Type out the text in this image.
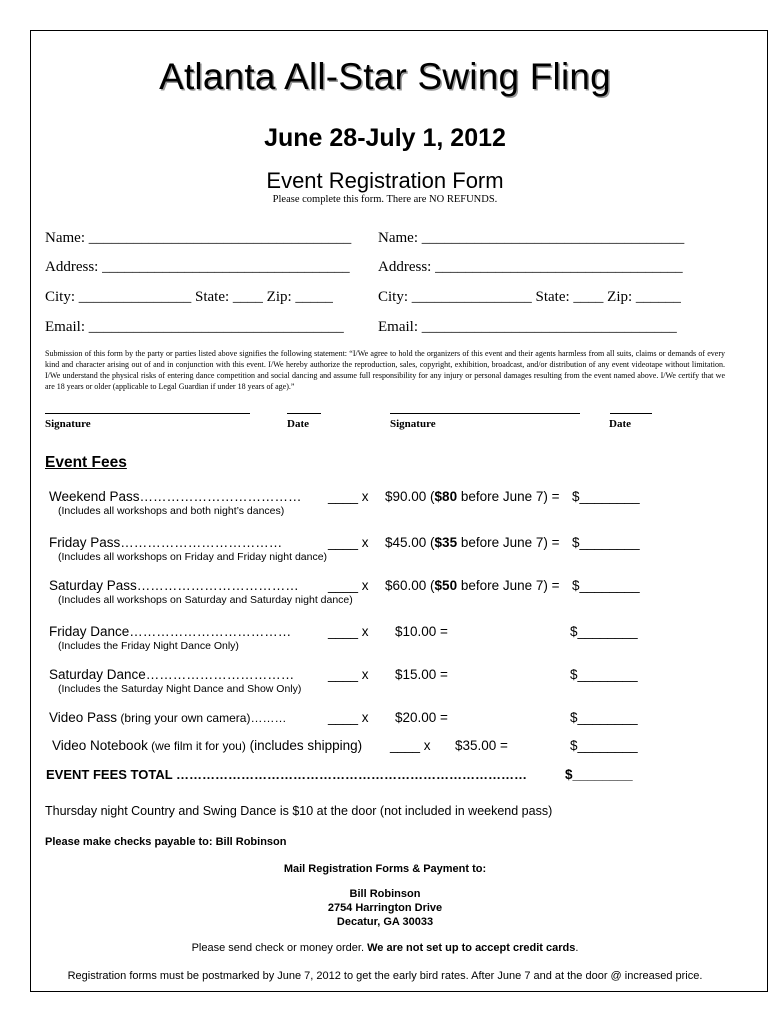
Atlanta All-Star Swing Fling
June 28-July 1, 2012
Event Registration Form
Please complete this form. There are NO REFUNDS.
Name: ___________________________________
Address: _________________________________
City: _______________ State: ____ Zip: _____
Email: __________________________________
Name: ___________________________________
Address: _________________________________
City: ________________ State: ____ Zip: ______
Email: __________________________________
Submission of this form by the party or parties listed above signifies the following statement: “I/We agree to hold the organizers of this event and their agents harmless from all suits, claims or demands of every kind and character arising out of and in conjunction with this event. I/We hereby authorize the reproduction, sales, copyright, exhibition, broadcast, and/or distribution of any event videotape without limitation. I/We understand the physical risks of entering dance competition and social dancing and assume full responsibility for any injury or personal damages resulting from the event named above. I/We certify that we are 18 years or older (applicable to Legal Guardian if under 18 years of age).”
Signature	Date	Signature	Date
Event Fees
Weekend Pass……………………………… ____ x $90.00 ($80 before June 7) = $________
(Includes all workshops and both night’s dances)
Friday Pass………………………………	____ x $45.00 ($35 before June 7) = $________
(Includes all workshops on Friday and Friday night dance)
Saturday Pass……………………………… ____ x $60.00 ($50 before June 7) = $________
(Includes all workshops on Saturday and Saturday night dance)
Friday Dance………………………………	____ x $10.00 =	$________
(Includes the Friday Night Dance Only)
Saturday Dance…………………………… ____ x $15.00 =	$________
(Includes the Saturday Night Dance and Show Only)
Video Pass (bring your own camera)………	____ x $20.00 =	$________
Video Notebook (we film it for you) (includes shipping) ____ x $35.00 =	$________
EVENT FEES TOTAL ………………………………………………………………………	$________
Thursday night Country and Swing Dance is $10 at the door (not included in weekend pass)
Please make checks payable to: Bill Robinson
Mail Registration Forms & Payment to:
Bill Robinson
2754 Harrington Drive
Decatur, GA 30033
Please send check or money order. We are not set up to accept credit cards.
Registration forms must be postmarked by June 7, 2012 to get the early bird rates. After June 7 and at the door @ increased price.
